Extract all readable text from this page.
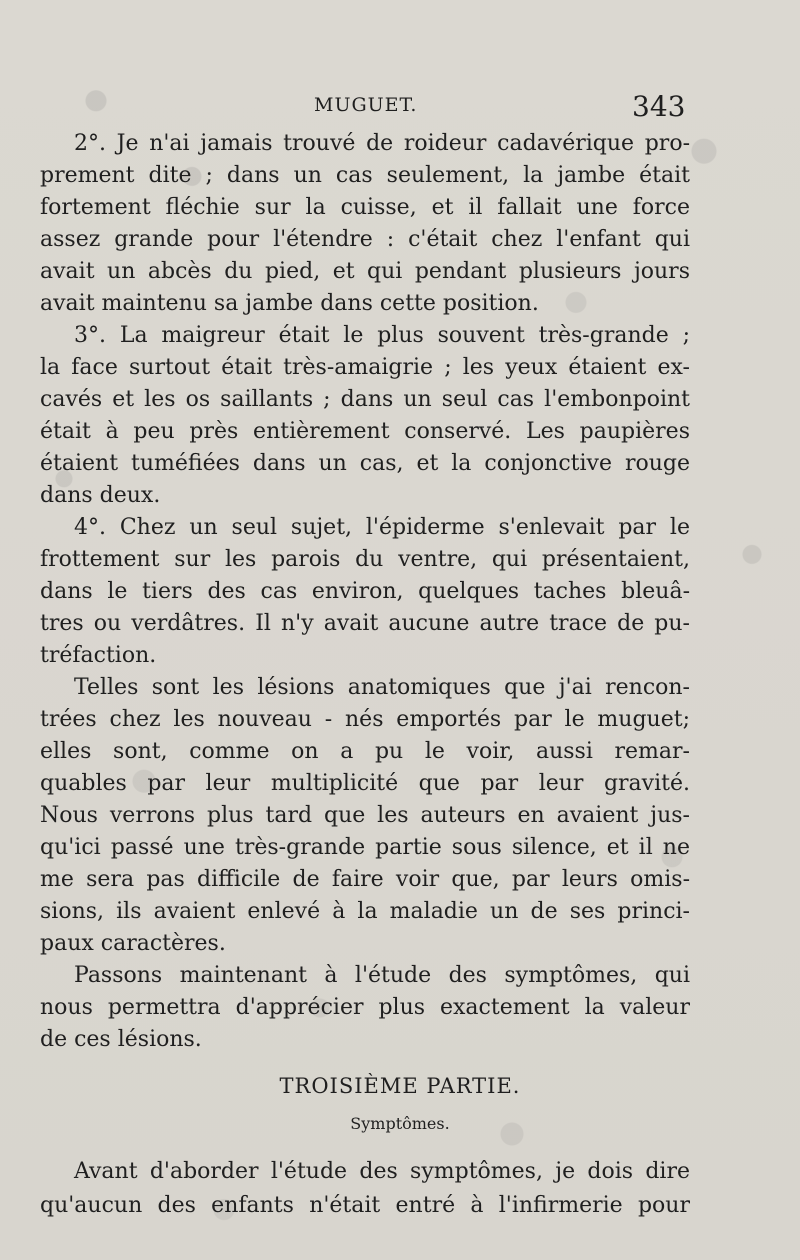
MUGUET.	343
2°. Je n'ai jamais trouvé de roideur cadavérique pro-
prement dite ; dans un cas seulement, la jambe était
fortement fléchie sur la cuisse, et il fallait une force
assez grande pour l'étendre : c'était chez l'enfant qui
avait un abcès du pied, et qui pendant plusieurs jours
avait maintenu sa jambe dans cette position.
3°. La maigreur était le plus souvent très-grande ;
la face surtout était très-amaigrie ; les yeux étaient ex-
cavés et les os saillants ; dans un seul cas l'embonpoint
était à peu près entièrement conservé. Les paupières
étaient tuméfiées dans un cas, et la conjonctive rouge
dans deux.
4°. Chez un seul sujet, l'épiderme s'enlevait par le
frottement sur les parois du ventre, qui présentaient,
dans le tiers des cas environ, quelques taches bleuâ-
tres ou verdâtres. Il n'y avait aucune autre trace de pu-
tréfaction.
Telles sont les lésions anatomiques que j'ai rencon-
trées chez les nouveau - nés emportés par le muguet;
elles sont, comme on a pu le voir, aussi remar-
quables par leur multiplicité que par leur gravité.
Nous verrons plus tard que les auteurs en avaient jus-
qu'ici passé une très-grande partie sous silence, et il ne
me sera pas difficile de faire voir que, par leurs omis-
sions, ils avaient enlevé à la maladie un de ses princi-
paux caractères.
Passons maintenant à l'étude des symptômes, qui
nous permettra d'apprécier plus exactement la valeur
de ces lésions.
TROISIÈME PARTIE.
Symptômes.
Avant d'aborder l'étude des symptômes, je dois dire
qu'aucun des enfants n'était entré à l'infirmerie pour
